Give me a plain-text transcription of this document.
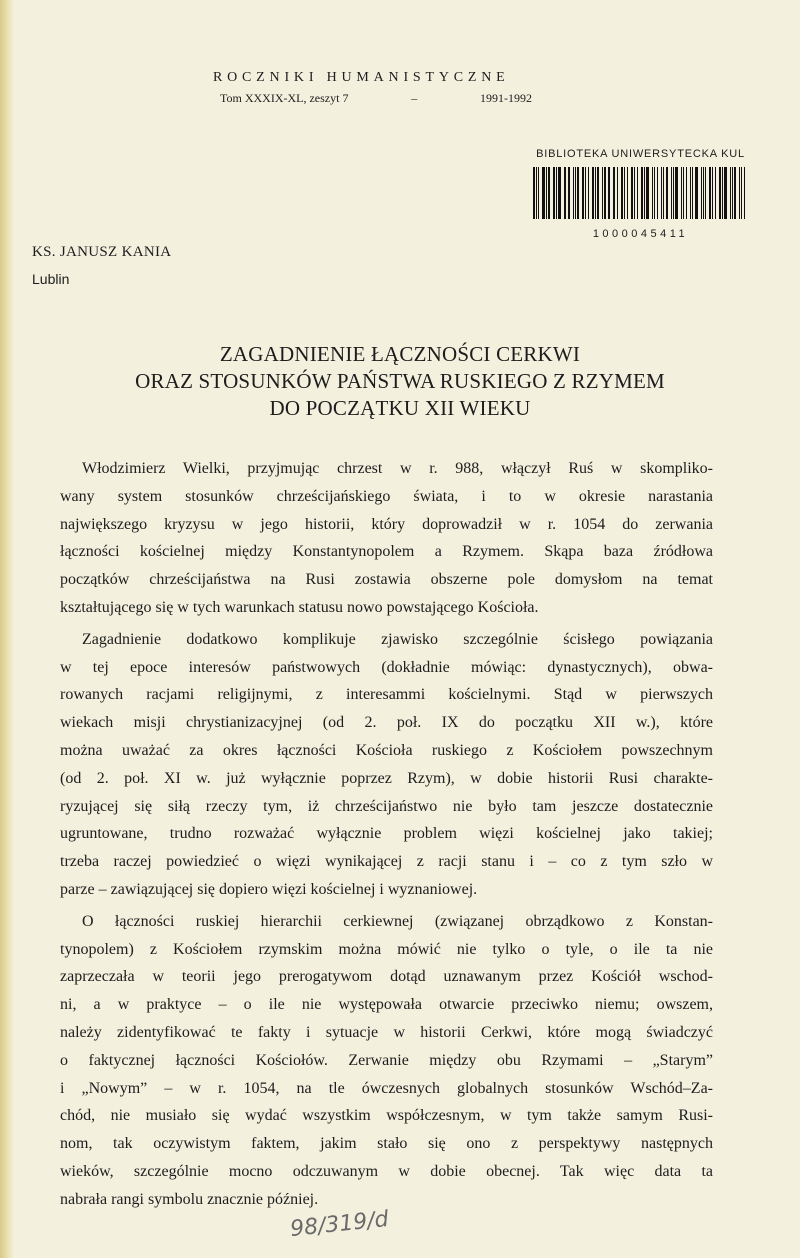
ROCZNIKI HUMANISTYCZNE
Tom XXXIX-XL, zeszyt 7	–	1991-1992
BIBLIOTEKA UNIWERSYTECKA KUL
1000045411
KS. JANUSZ KANIA
Lublin
ZAGADNIENIE ŁĄCZNOŚCI CERKWI
ORAZ STOSUNKÓW PAŃSTWA RUSKIEGO Z RZYMEM
DO POCZĄTKU XII WIEKU
Włodzimierz Wielki, przyjmując chrzest w r. 988, włączył Ruś w skompliko-
wany system stosunków chrześcijańskiego świata, i to w okresie narastania
największego kryzysu w jego historii, który doprowadził w r. 1054 do zerwania
łączności kościelnej między Konstantynopolem a Rzymem. Skąpa baza źródłowa
początków chrześcijaństwa na Rusi zostawia obszerne pole domysłom na temat
kształtującego się w tych warunkach statusu nowo powstającego Kościoła.
Zagadnienie dodatkowo komplikuje zjawisko szczególnie ścisłego powiązania
w tej epoce interesów państwowych (dokładnie mówiąc: dynastycznych), obwa-
rowanych racjami religijnymi, z interesammi kościelnymi. Stąd w pierwszych
wiekach misji chrystianizacyjnej (od 2. poł. IX do początku XII w.), które
można uważać za okres łączności Kościoła ruskiego z Kościołem powszechnym
(od 2. poł. XI w. już wyłącznie poprzez Rzym), w dobie historii Rusi charakte-
ryzującej się siłą rzeczy tym, iż chrześcijaństwo nie było tam jeszcze dostatecznie
ugruntowane, trudno rozważać wyłącznie problem więzi kościelnej jako takiej;
trzeba raczej powiedzieć o więzi wynikającej z racji stanu i – co z tym szło w
parze – zawiązującej się dopiero więzi kościelnej i wyznaniowej.
O łączności ruskiej hierarchii cerkiewnej (związanej obrządkowo z Konstan-
tynopolem) z Kościołem rzymskim można mówić nie tylko o tyle, o ile ta nie
zaprzeczała w teorii jego prerogatywom dotąd uznawanym przez Kościół wschod-
ni, a w praktyce – o ile nie występowała otwarcie przeciwko niemu; owszem,
należy zidentyfikować te fakty i sytuacje w historii Cerkwi, które mogą świadczyć
o faktycznej łączności Kościołów. Zerwanie między obu Rzymami – „Starym”
i „Nowym” – w r. 1054, na tle ówczesnych globalnych stosunków Wschód–Za-
chód, nie musiało się wydać wszystkim współczesnym, w tym także samym Rusi-
nom, tak oczywistym faktem, jakim stało się ono z perspektywy następnych
wieków, szczególnie mocno odczuwanym w dobie obecnej. Tak więc data ta
nabrała rangi symbolu znacznie później.
98/319/d
